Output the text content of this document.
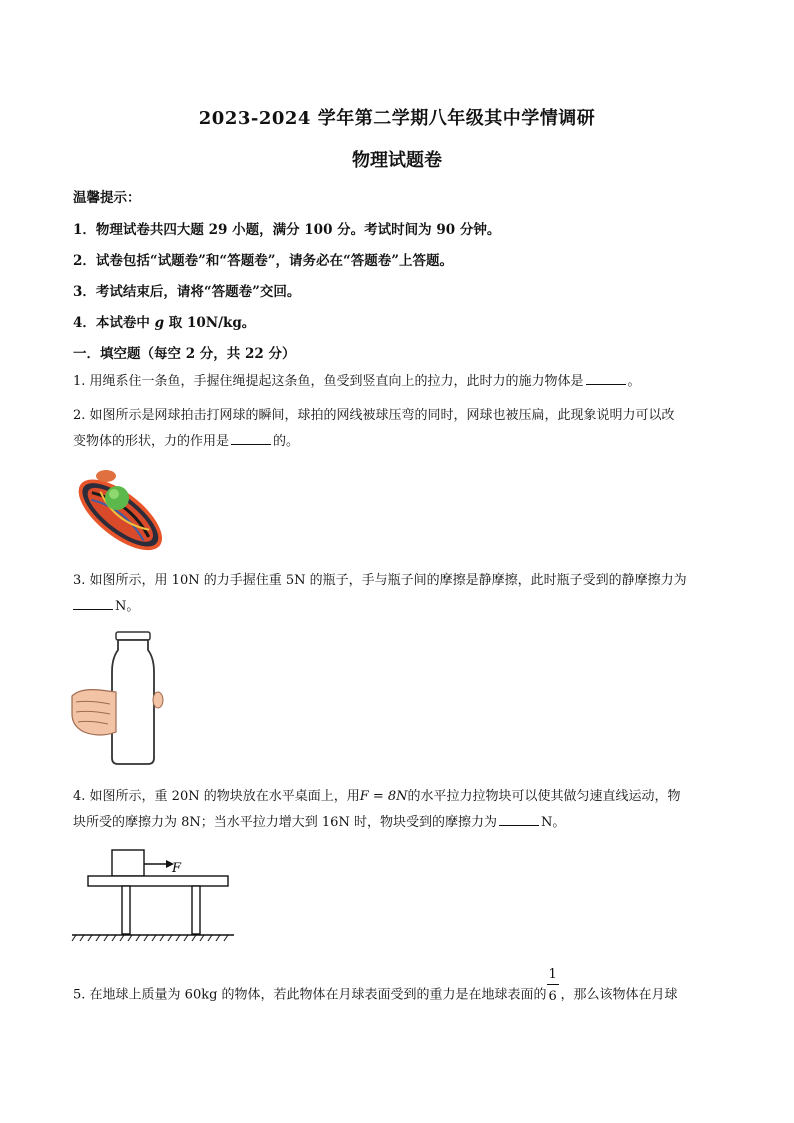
2023-2024 学年第二学期八年级其中学情调研
物理试题卷
温馨提示：
1．物理试卷共四大题 29 小题，满分 100 分。考试时间为 90 分钟。
2．试卷包括“试题卷”和“答题卷”，请务必在“答题卷”上答题。
3．考试结束后，请将“答题卷”交回。
4．本试卷中 g 取 10N/kg。
一．填空题（每空 2 分，共 22 分）
1. 用绳系住一条鱼，手握住绳提起这条鱼，鱼受到竖直向上的拉力，此时力的施力物体是	。
2. 如图所示是网球拍击打网球的瞬间，球拍的网线被球压弯的同时，网球也被压扁，此现象说明力可以改
变物体的形状，力的作用是	的。
3. 如图所示，用 10N 的力手握住重 5N 的瓶子，手与瓶子间的摩擦是静摩擦，此时瓶子受到的静摩擦力为
N。
4. 如图所示，重 20N 的物块放在水平桌面上，用F = 8N的水平拉力拉物块可以使其做匀速直线运动，物
块所受的摩擦力为 8N；当水平拉力增大到 16N 时，物块受到的摩擦力为	N。
F
5. 在地球上质量为 60kg 的物体，若此物体在月球表面受到的重力是在地球表面的 $\frac{1}{6}$ ，那么该物体在月球
